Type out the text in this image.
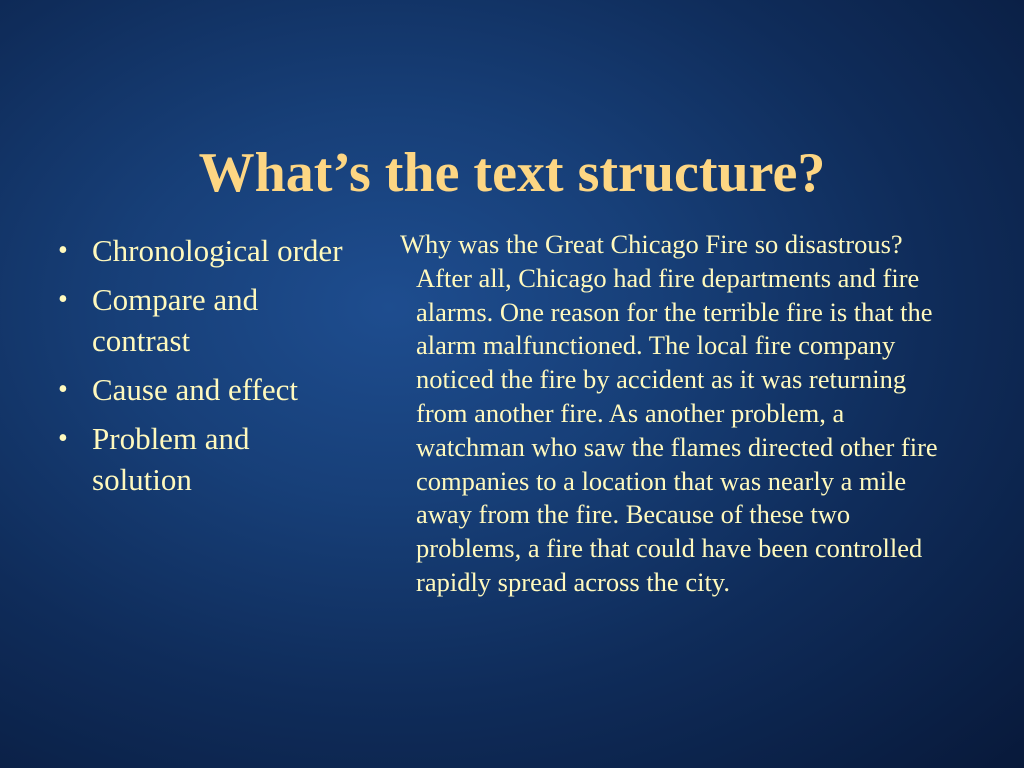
What’s the text structure?
• Chronological order
• Compare and contrast
• Cause and effect
• Problem and solution

Why was the Great Chicago Fire so disastrous? After all, Chicago had fire departments and fire alarms. One reason for the terrible fire is that the alarm malfunctioned. The local fire company noticed the fire by accident as it was returning from another fire. As another problem, a watchman who saw the flames directed other fire companies to a location that was nearly a mile away from the fire. Because of these two problems, a fire that could have been controlled rapidly spread across the city.
